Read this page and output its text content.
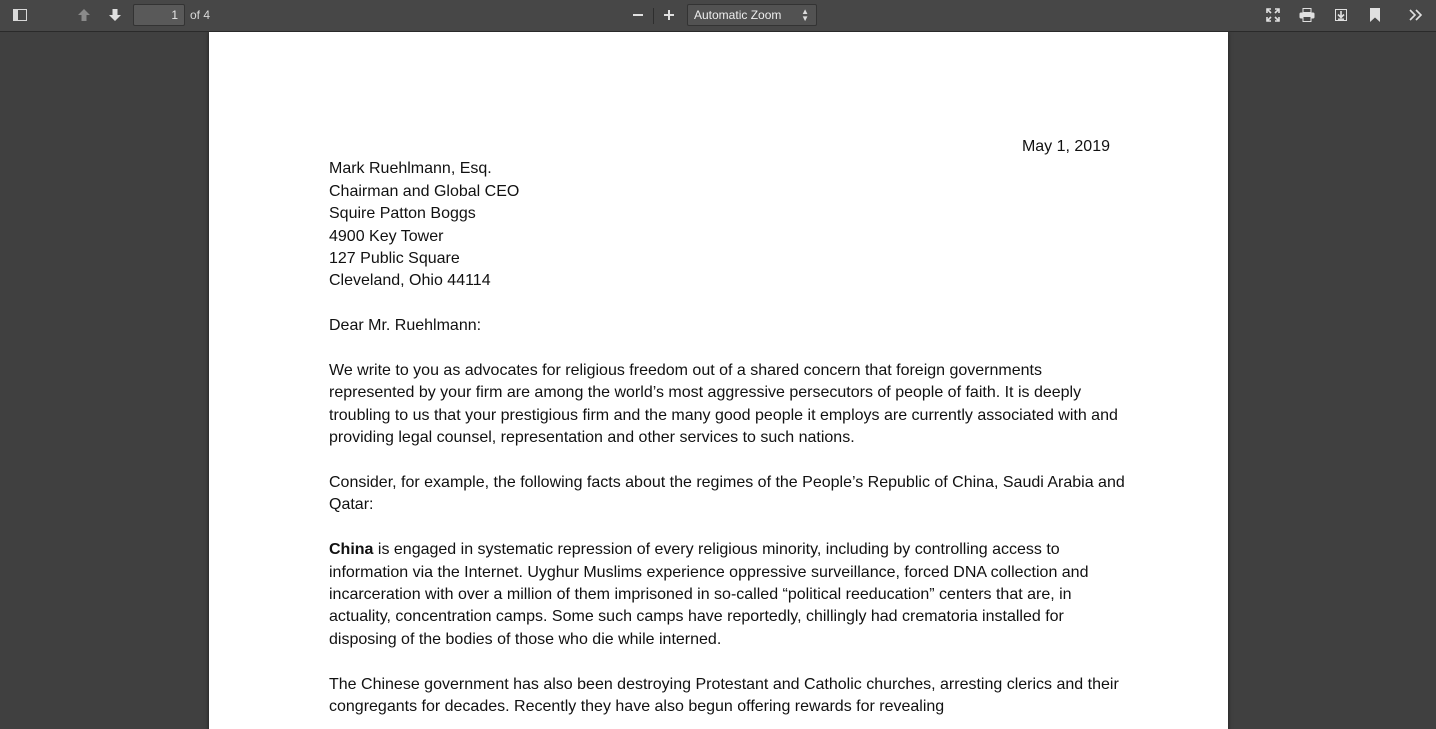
1
of 4	Automatic Zoom ▲
▼
May 1, 2019
Mark Ruehlmann, Esq.
Chairman and Global CEO
Squire Patton Boggs
4900 Key Tower
127 Public Square
Cleveland, Ohio 44114
Dear Mr. Ruehlmann:
We write to you as advocates for religious freedom out of a shared concern that foreign governments represented by your firm are among the world’s most aggressive persecutors of people of faith. It is deeply troubling to us that your prestigious firm and the many good people it employs are currently associated with and providing legal counsel, representation and other services to such nations.
Consider, for example, the following facts about the regimes of the People’s Republic of China, Saudi Arabia and Qatar:
China is engaged in systematic repression of every religious minority, including by controlling access to information via the Internet. Uyghur Muslims experience oppressive surveillance, forced DNA collection and incarceration with over a million of them imprisoned in so-called “political reeducation” centers that are, in actuality, concentration camps. Some such camps have reportedly, chillingly had crematoria installed for disposing of the bodies of those who die while interned.
The Chinese government has also been destroying Protestant and Catholic churches, arresting clerics and their congregants for decades. Recently they have also begun offering rewards for revealing
